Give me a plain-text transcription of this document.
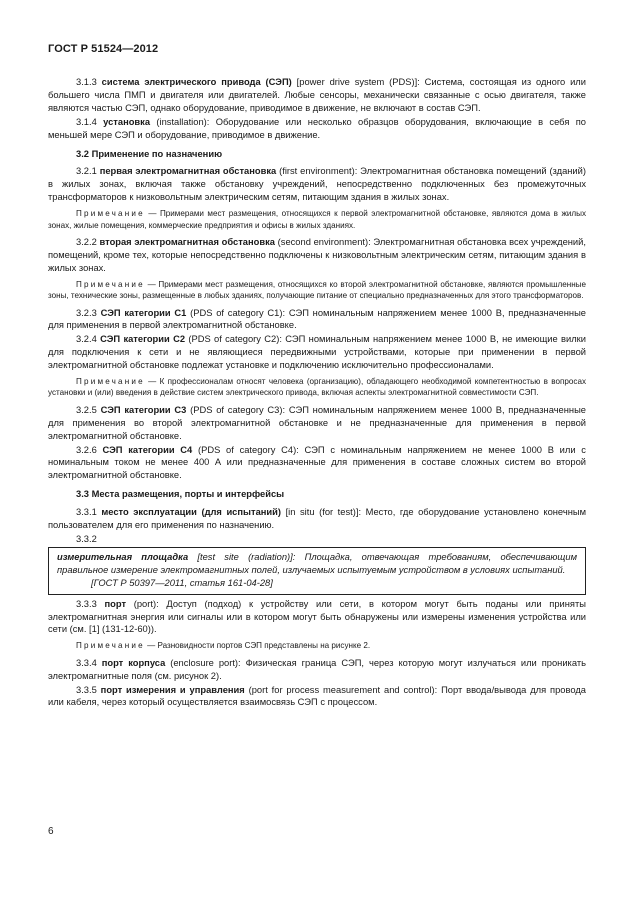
ГОСТ Р 51524—2012

3.1.3 система электрического привода (СЭП) [power drive system (PDS)]: Система, состоящая из одного или большего числа ПМП и двигателя или двигателей. Любые сенсоры, механически связанные с осью двигателя, также являются частью СЭП, однако оборудование, приводимое в движение, не включают в состав СЭП.

3.1.4 установка (installation): Оборудование или несколько образцов оборудования, включающие в себя по меньшей мере СЭП и оборудование, приводимое в движение.

3.2 Применение по назначению

3.2.1 первая электромагнитная обстановка (first environment): Электромагнитная обстановка помещений (зданий) в жилых зонах, включая также обстановку учреждений, непосредственно подключенных без промежуточных трансформаторов к низковольтным электрическим сетям, питающим здания в жилых зонах.

Примечание — Примерами мест размещения, относящихся к первой электромагнитной обстановке, являются дома в жилых зонах, жилые помещения, коммерческие предприятия и офисы в жилых зданиях.

3.2.2 вторая электромагнитная обстановка (second environment): Электромагнитная обстановка всех учреждений, помещений, кроме тех, которые непосредственно подключены к низковольтным электрическим сетям, питающим здания в жилых зонах.

Примечание — Примерами мест размещения, относящихся ко второй электромагнитной обстановке, являются промышленные зоны, технические зоны, размещенные в любых зданиях, получающие питание от специально предназначенных для этого трансформаторов.

3.2.3 СЭП категории С1 (PDS of category C1): СЭП номинальным напряжением менее 1000 В, предназначенные для применения в первой электромагнитной обстановке.

3.2.4 СЭП категории С2 (PDS of category C2): СЭП номинальным напряжением менее 1000 В, не имеющие вилки для подключения к сети и не являющиеся передвижными устройствами, которые при применении в первой электромагнитной обстановке подлежат установке и подключению исключительно профессионалами.

Примечание — К профессионалам относят человека (организацию), обладающего необходимой компетентностью в вопросах установки и (или) введения в действие систем электрического привода, включая аспекты электромагнитной совместимости СЭП.

3.2.5 СЭП категории С3 (PDS of category C3): СЭП номинальным напряжением менее 1000 В, предназначенные для применения во второй электромагнитной обстановке и не предназначенные для применения в первой электромагнитной обстановке.

3.2.6 СЭП категории С4 (PDS of category C4): СЭП с номинальным напряжением не менее 1000 В или с номинальным током не менее 400 А или предназначенные для применения в составе сложных систем во второй электромагнитной обстановке.

3.3 Места размещения, порты и интерфейсы

3.3.1 место эксплуатации (для испытаний) [in situ (for test)]: Место, где оборудование установлено конечным пользователем для его применения по назначению.

3.3.2

измерительная площадка [test site (radiation)]: Площадка, отвечающая требованиям, обеспечивающим правильное измерение электромагнитных полей, излучаемых испытуемым устройством в условиях испытаний.
[ГОСТ Р 50397—2011, статья 161-04-28]

3.3.3 порт (port): Доступ (подход) к устройству или сети, в котором могут быть поданы или приняты электромагнитная энергия или сигналы или в котором могут быть обнаружены или измерены изменения устройства или сети (см. [1] (131-12-60)).

Примечание — Разновидности портов СЭП представлены на рисунке 2.

3.3.4 порт корпуса (enclosure port): Физическая граница СЭП, через которую могут излучаться или проникать электромагнитные поля (см. рисунок 2).

3.3.5 порт измерения и управления (port for process measurement and control): Порт ввода/вывода для провода или кабеля, через который осуществляется взаимосвязь СЭП с процессом.

6
